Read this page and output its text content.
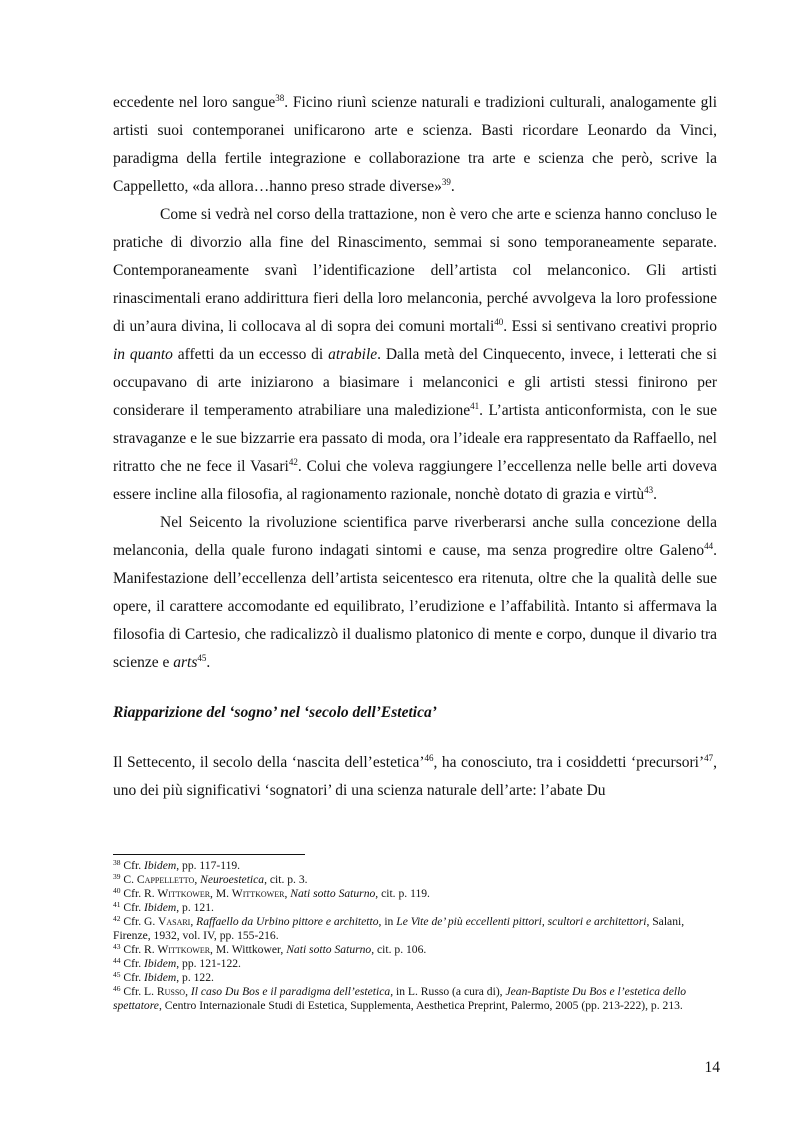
eccedente nel loro sangue$^{38}$. Ficino riunì scienze naturali e tradizioni culturali, analogamente gli artisti suoi contemporanei unificarono arte e scienza. Basti ricordare Leonardo da Vinci, paradigma della fertile integrazione e collaborazione tra arte e scienza che però, scrive la Cappelletto, «da allora…hanno preso strade diverse»$^{39}$.

Come si vedrà nel corso della trattazione, non è vero che arte e scienza hanno concluso le pratiche di divorzio alla fine del Rinascimento, semmai si sono temporaneamente separate. Contemporaneamente svanì l’identificazione dell’artista col melanconico. Gli artisti rinascimentali erano addirittura fieri della loro melanconia, perché avvolgeva la loro professione di un’aura divina, li collocava al di sopra dei comuni mortali$^{40}$. Essi si sentivano creativi proprio in quanto affetti da un eccesso di atrabile. Dalla metà del Cinquecento, invece, i letterati che si occupavano di arte iniziarono a biasimare i melanconici e gli artisti stessi finirono per considerare il temperamento atrabiliare una maledizione$^{41}$. L’artista anticonformista, con le sue stravaganze e le sue bizzarrie era passato di moda, ora l’ideale era rappresentato da Raffaello, nel ritratto che ne fece il Vasari$^{42}$. Colui che voleva raggiungere l’eccellenza nelle belle arti doveva essere incline alla filosofia, al ragionamento razionale, nonchè dotato di grazia e virtù$^{43}$.

Nel Seicento la rivoluzione scientifica parve riverberarsi anche sulla concezione della melanconia, della quale furono indagati sintomi e cause, ma senza progredire oltre Galeno$^{44}$. Manifestazione dell’eccellenza dell’artista seicentesco era ritenuta, oltre che la qualità delle sue opere, il carattere accomodante ed equilibrato, l’erudizione e l’affabilità. Intanto si affermava la filosofia di Cartesio, che radicalizzò il dualismo platonico di mente e corpo, dunque il divario tra scienze e arts$^{45}$.

Riapparizione del ‘sogno’ nel ‘secolo dell’Estetica’

Il Settecento, il secolo della ‘nascita dell’estetica’$^{46}$, ha conosciuto, tra i cosiddetti ‘precursori’$^{47}$, uno dei più significativi ‘sognatori’ di una scienza naturale dell’arte: l’abate Du

$^{38}$ Cfr. Ibidem, pp. 117-119.

$^{39}$ C. Cappelletto, Neuroestetica, cit. p. 3.

$^{40}$ Cfr. R. Wittkower, M. Wittkower, Nati sotto Saturno, cit. p. 119.

$^{41}$ Cfr. Ibidem, p. 121.

$^{42}$ Cfr. G. Vasari, Raffaello da Urbino pittore e architetto, in Le Vite de’ più eccellenti pittori, scultori e architettori, Salani, Firenze, 1932, vol. IV, pp. 155-216.

$^{43}$ Cfr. R. Wittkower, M. Wittkower, Nati sotto Saturno, cit. p. 106.

$^{44}$ Cfr. Ibidem, pp. 121-122.

$^{45}$ Cfr. Ibidem, p. 122.

$^{46}$ Cfr. L. Russo, Il caso Du Bos e il paradigma dell’estetica, in L. Russo (a cura di), Jean-Baptiste Du Bos e l’estetica dello spettatore, Centro Internazionale Studi di Estetica, Supplementa, Aesthetica Preprint, Palermo, 2005 (pp. 213-222), p. 213.

14
